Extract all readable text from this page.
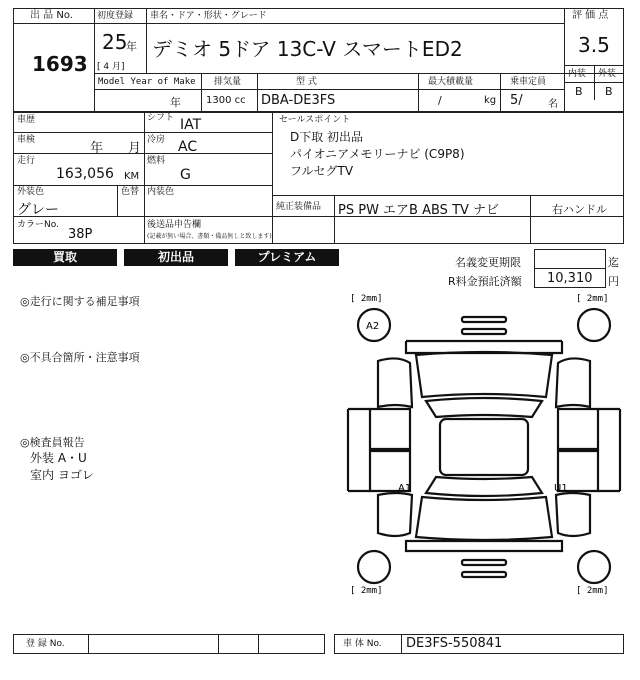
出 品 No.
1693
初度登録
25
年
[ 4 月]
車名・ドア・形状・グレード
デミオ 5ドア 13C-V スマートED2
Model Year of Make
年
排気量
1300 cc
型 式
DBA-DE3FS
最大積載量
/	kg
乗車定員
5/	名
評 価 点
3.5
内装 外装
B B
車歴	シフト IAT
車検
年 月
冷房 AC
走行
163,056 KM
燃料
G
外装色	色替
グレー
内装色
カラーNo.
38P
後送品申告欄
(記載が無い場合、書類・備品無しと致します)
セールスポイント
D下取 初出品
パイオニアメモリーナビ (C9P8)
フルセグTV
純正装備品 PS PW エアB ABS TV ナビ	右ハンドル
買取	初出品	プレミアム	名義変更期限	迄
R料金預託済額 10,310 円
◎走行に関する補足事項
◎不具合箇所・注意事項
◎検査員報告
外装 A・U
室内 ヨゴレ
[ 2mm]	[ 2mm]
[ 2mm]	[ 2mm]
A2
A1	U1
登 録 No.	車 体 No. DE3FS-550841
